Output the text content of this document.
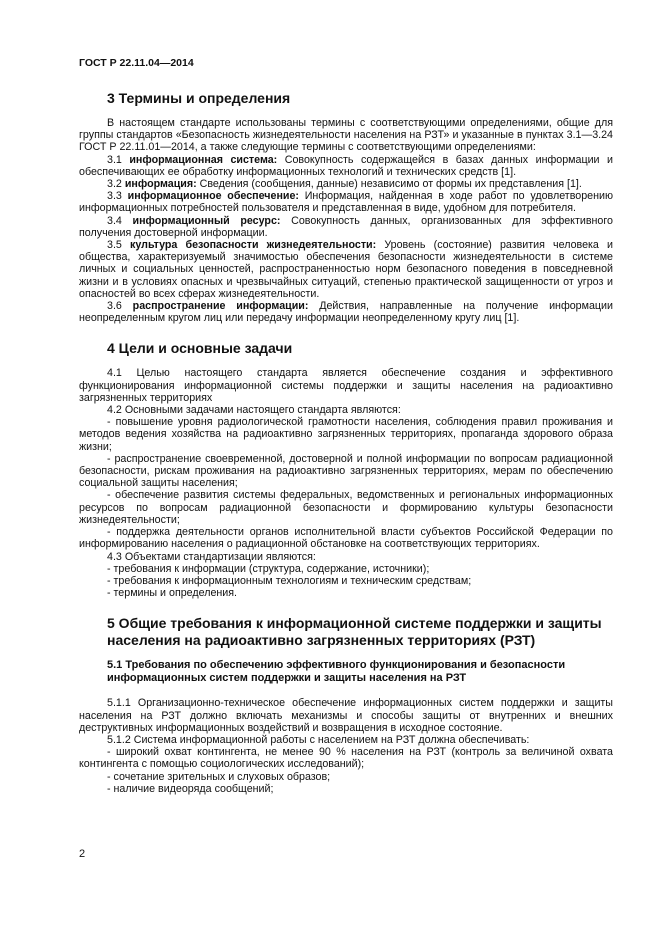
ГОСТ Р 22.11.04—2014
3 Термины и определения

В настоящем стандарте использованы термины с соответствующими определениями, общие для группы стандартов «Безопасность жизнедеятельности населения на РЗТ» и указанные в пунктах 3.1—3.24 ГОСТ Р 22.11.01—2014, а также следующие термины с соответствующими определениями:

3.1 информационная система: Совокупность содержащейся в базах данных информации и обеспечивающих ее обработку информационных технологий и технических средств [1].

3.2 информация: Сведения (сообщения, данные) независимо от формы их представления [1].

3.3 информационное обеспечение: Информация, найденная в ходе работ по удовлетворению информационных потребностей пользователя и представленная в виде, удобном для потребителя.

3.4 информационный ресурс: Совокупность данных, организованных для эффективного получения достоверной информации.

3.5 культура безопасности жизнедеятельности: Уровень (состояние) развития человека и общества, характеризуемый значимостью обеспечения безопасности жизнедеятельности в системе личных и социальных ценностей, распространенностью норм безопасного поведения в повседневной жизни и в условиях опасных и чрезвычайных ситуаций, степенью практической защищенности от угроз и опасностей во всех сферах жизнедеятельности.

3.6 распространение информации: Действия, направленные на получение информации неопределенным кругом лиц или передачу информации неопределенному кругу лиц [1].

4 Цели и основные задачи

4.1 Целью настоящего стандарта является обеспечение создания и эффективного функционирования информационной системы поддержки и защиты населения на радиоактивно загрязненных территориях

4.2 Основными задачами настоящего стандарта являются:

- повышение уровня радиологической грамотности населения, соблюдения правил проживания и методов ведения хозяйства на радиоактивно загрязненных территориях, пропаганда здорового образа жизни;

- распространение своевременной, достоверной и полной информации по вопросам радиационной безопасности, рискам проживания на радиоактивно загрязненных территориях, мерам по обеспечению социальной защиты населения;

- обеспечение развития системы федеральных, ведомственных и региональных информационных ресурсов по вопросам радиационной безопасности и формированию культуры безопасности жизнедеятельности;

- поддержка деятельности органов исполнительной власти субъектов Российской Федерации по информированию населения о радиационной обстановке на соответствующих территориях.

4.3 Объектами стандартизации являются:

- требования к информации (структура, содержание, источники);

- требования к информационным технологиям и техническим средствам;

- термины и определения.

5 Общие требования к информационной системе поддержки и защиты населения на радиоактивно загрязненных территориях (РЗТ)
5.1 Требования по обеспечению эффективного функционирования и безопасности информационных систем поддержки и защиты населения на РЗТ

5.1.1 Организационно-техническое обеспечение информационных систем поддержки и защиты населения на РЗТ должно включать механизмы и способы защиты от внутренних и внешних деструктивных информационных воздействий и возвращения в исходное состояние.

5.1.2 Система информационной работы с населением на РЗТ должна обеспечивать:

- широкий охват контингента, не менее 90 % населения на РЗТ (контроль за величиной охвата контингента с помощью социологических исследований);

- сочетание зрительных и слуховых образов;

- наличие видеоряда сообщений;

2
